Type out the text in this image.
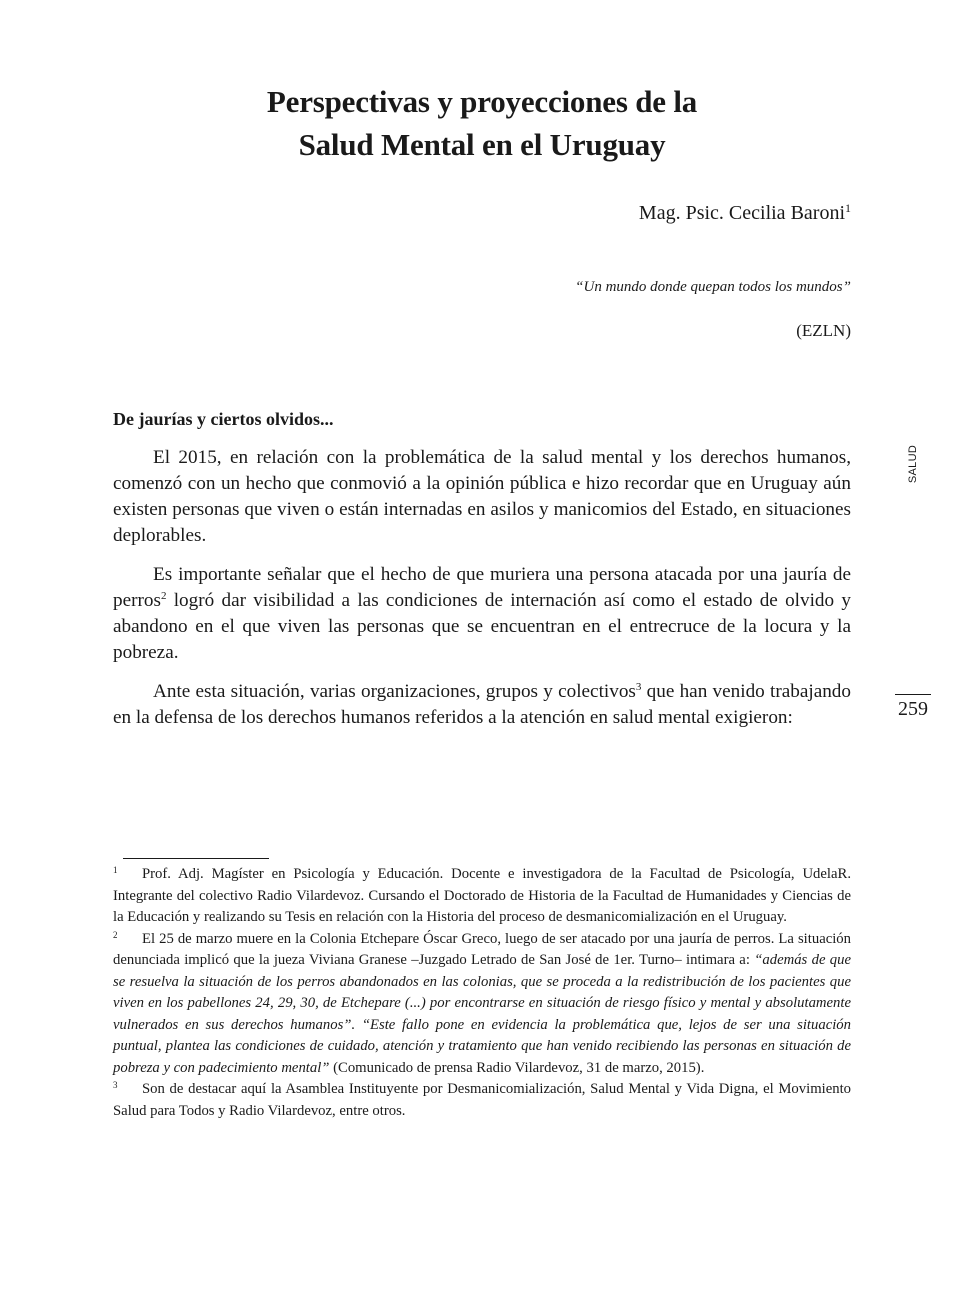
Perspectivas y proyecciones de la
Salud Mental en el Uruguay
Mag. Psic. Cecilia Baroni$^1$
“Un mundo donde quepan todos los mundos”
(EZLN)
De jaurías y ciertos olvidos...

El 2015, en relación con la problemática de la salud mental y los derechos humanos, comenzó con un hecho que conmovió a la opinión pública e hizo recordar que en Uruguay aún existen personas que viven o están internadas en asilos y manicomios del Estado, en situaciones deplorables.

Es importante señalar que el hecho de que muriera una persona atacada por una jauría de perros$^2$ logró dar visibilidad a las condiciones de internación así como el estado de olvido y abandono en el que viven las personas que se encuentran en el entrecruce de la locura y la pobreza.

Ante esta situación, varias organizaciones, grupos y colectivos$^3$ que han venido trabajando en la defensa de los derechos humanos referidos a la atención en salud mental exigieron:

SALUD
259

1 Prof. Adj. Magíster en Psicología y Educación. Docente e investigadora de la Facultad de Psicología, UdelaR. Integrante del colectivo Radio Vilardevoz. Cursando el Doctorado de Historia de la Facultad de Humanidades y Ciencias de la Educación y realizando su Tesis en relación con la Historia del proceso de desmanicomialización en el Uruguay.

2 El 25 de marzo muere en la Colonia Etchepare Óscar Greco, luego de ser atacado por una jauría de perros. La situación denunciada implicó que la jueza Viviana Granese –Juzgado Letrado de San José de 1er. Turno– intimara a: “además de que se resuelva la situación de los perros abandonados en las colonias, que se proceda a la redistribución de los pacientes que viven en los pabellones 24, 29, 30, de Etchepare (...) por encontrarse en situación de riesgo físico y mental y absolutamente vulnerados en sus derechos humanos”. “Este fallo pone en evidencia la problemática que, lejos de ser una situación puntual, plantea las condiciones de cuidado, atención y tratamiento que han venido recibiendo las personas en situación de pobreza y con padecimiento mental” (Comunicado de prensa Radio Vilardevoz, 31 de marzo, 2015).

3 Son de destacar aquí la Asamblea Instituyente por Desmanicomialización, Salud Mental y Vida Digna, el Movimiento Salud para Todos y Radio Vilardevoz, entre otros.
